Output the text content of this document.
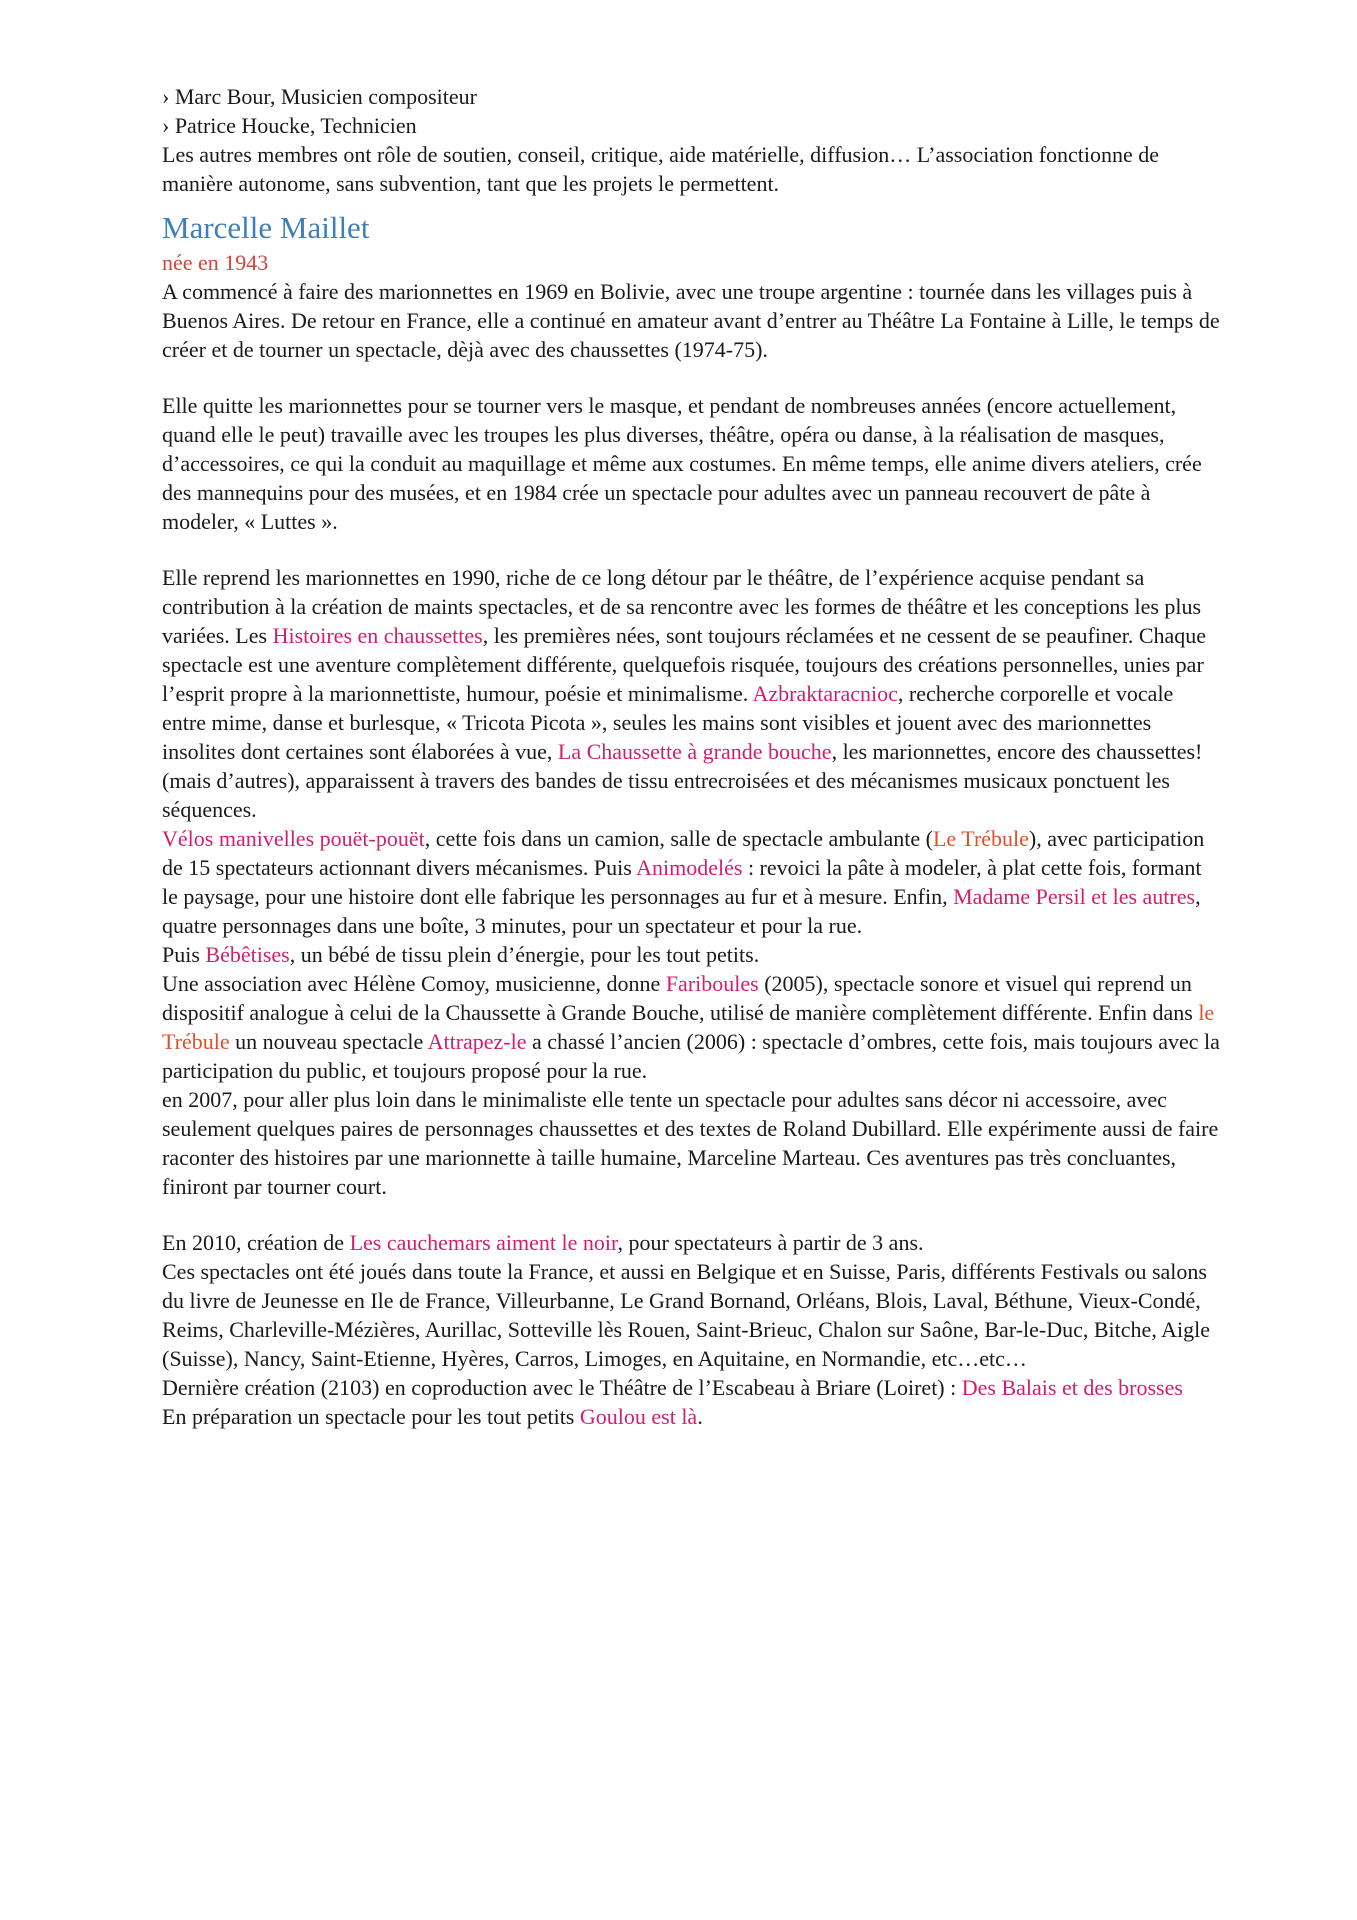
› Marc Bour, Musicien compositeur

› Patrice Houcke, Technicien

Les autres membres ont rôle de soutien, conseil, critique, aide matérielle, diffusion… L’association fonctionne de manière autonome, sans subvention, tant que les projets le permettent.

Marcelle Maillet

née en 1943

A commencé à faire des marionnettes en 1969 en Bolivie, avec une troupe argentine : tournée dans les villages puis à Buenos Aires. De retour en France, elle a continué en amateur avant d’entrer au Théâtre La Fontaine à Lille, le temps de créer et de tourner un spectacle, dèjà avec des chaussettes (1974-75).

Elle quitte les marionnettes pour se tourner vers le masque, et pendant de nombreuses années (encore actuellement, quand elle le peut) travaille avec les troupes les plus diverses, théâtre, opéra ou danse, à la réalisation de masques, d’accessoires, ce qui la conduit au maquillage et même aux costumes. En même temps, elle anime divers ateliers, crée des mannequins pour des musées, et en 1984 crée un spectacle pour adultes avec un panneau recouvert de pâte à modeler, « Luttes ».

Elle reprend les marionnettes en 1990, riche de ce long détour par le théâtre, de l’expérience acquise pendant sa contribution à la création de maints spectacles, et de sa rencontre avec les formes de théâtre et les conceptions les plus variées. Les Histoires en chaussettes, les premières nées, sont toujours réclamées et ne cessent de se peaufiner. Chaque spectacle est une aventure complètement différente, quelquefois risquée, toujours des créations personnelles, unies par l’esprit propre à la marionnettiste, humour, poésie et minimalisme. Azbraktaracnioc, recherche corporelle et vocale entre mime, danse et burlesque, « Tricota Picota », seules les mains sont visibles et jouent avec des marionnettes insolites dont certaines sont élaborées à vue, La Chaussette à grande bouche, les marionnettes, encore des chaussettes! (mais d’autres), apparaissent à travers des bandes de tissu entrecroisées et des mécanismes musicaux ponctuent les séquences.

Vélos manivelles pouët-pouët, cette fois dans un camion, salle de spectacle ambulante (Le Trébule), avec participation de 15 spectateurs actionnant divers mécanismes. Puis Animodelés : revoici la pâte à modeler, à plat cette fois, formant le paysage, pour une histoire dont elle fabrique les personnages au fur et à mesure. Enfin, Madame Persil et les autres, quatre personnages dans une boîte, 3 minutes, pour un spectateur et pour la rue.

Puis Bébêtises, un bébé de tissu plein d’énergie, pour les tout petits.

Une association avec Hélène Comoy, musicienne, donne Fariboules (2005), spectacle sonore et visuel qui reprend un dispositif analogue à celui de la Chaussette à Grande Bouche, utilisé de manière complètement différente. Enfin dans le Trébule un nouveau spectacle Attrapez-le a chassé l’ancien (2006) : spectacle d’ombres, cette fois, mais toujours avec la participation du public, et toujours proposé pour la rue.

en 2007, pour aller plus loin dans le minimaliste elle tente un spectacle pour adultes sans décor ni accessoire, avec seulement quelques paires de personnages chaussettes et des textes de Roland Dubillard. Elle expérimente aussi de faire raconter des histoires par une marionnette à taille humaine, Marceline Marteau. Ces aventures pas très concluantes, finiront par tourner court.

En 2010, création de Les cauchemars aiment le noir, pour spectateurs à partir de 3 ans.

Ces spectacles ont été joués dans toute la France, et aussi en Belgique et en Suisse, Paris, différents Festivals ou salons du livre de Jeunesse en Ile de France, Villeurbanne, Le Grand Bornand, Orléans, Blois, Laval, Béthune, Vieux-Condé, Reims, Charleville-Mézières, Aurillac, Sotteville lès Rouen, Saint-Brieuc, Chalon sur Saône, Bar-le-Duc, Bitche, Aigle (Suisse), Nancy, Saint-Etienne, Hyères, Carros, Limoges, en Aquitaine, en Normandie, etc…etc…

Dernière création (2103) en coproduction avec le Théâtre de l’Escabeau à Briare (Loiret) : Des Balais et des brosses

En préparation un spectacle pour les tout petits Goulou est là.
